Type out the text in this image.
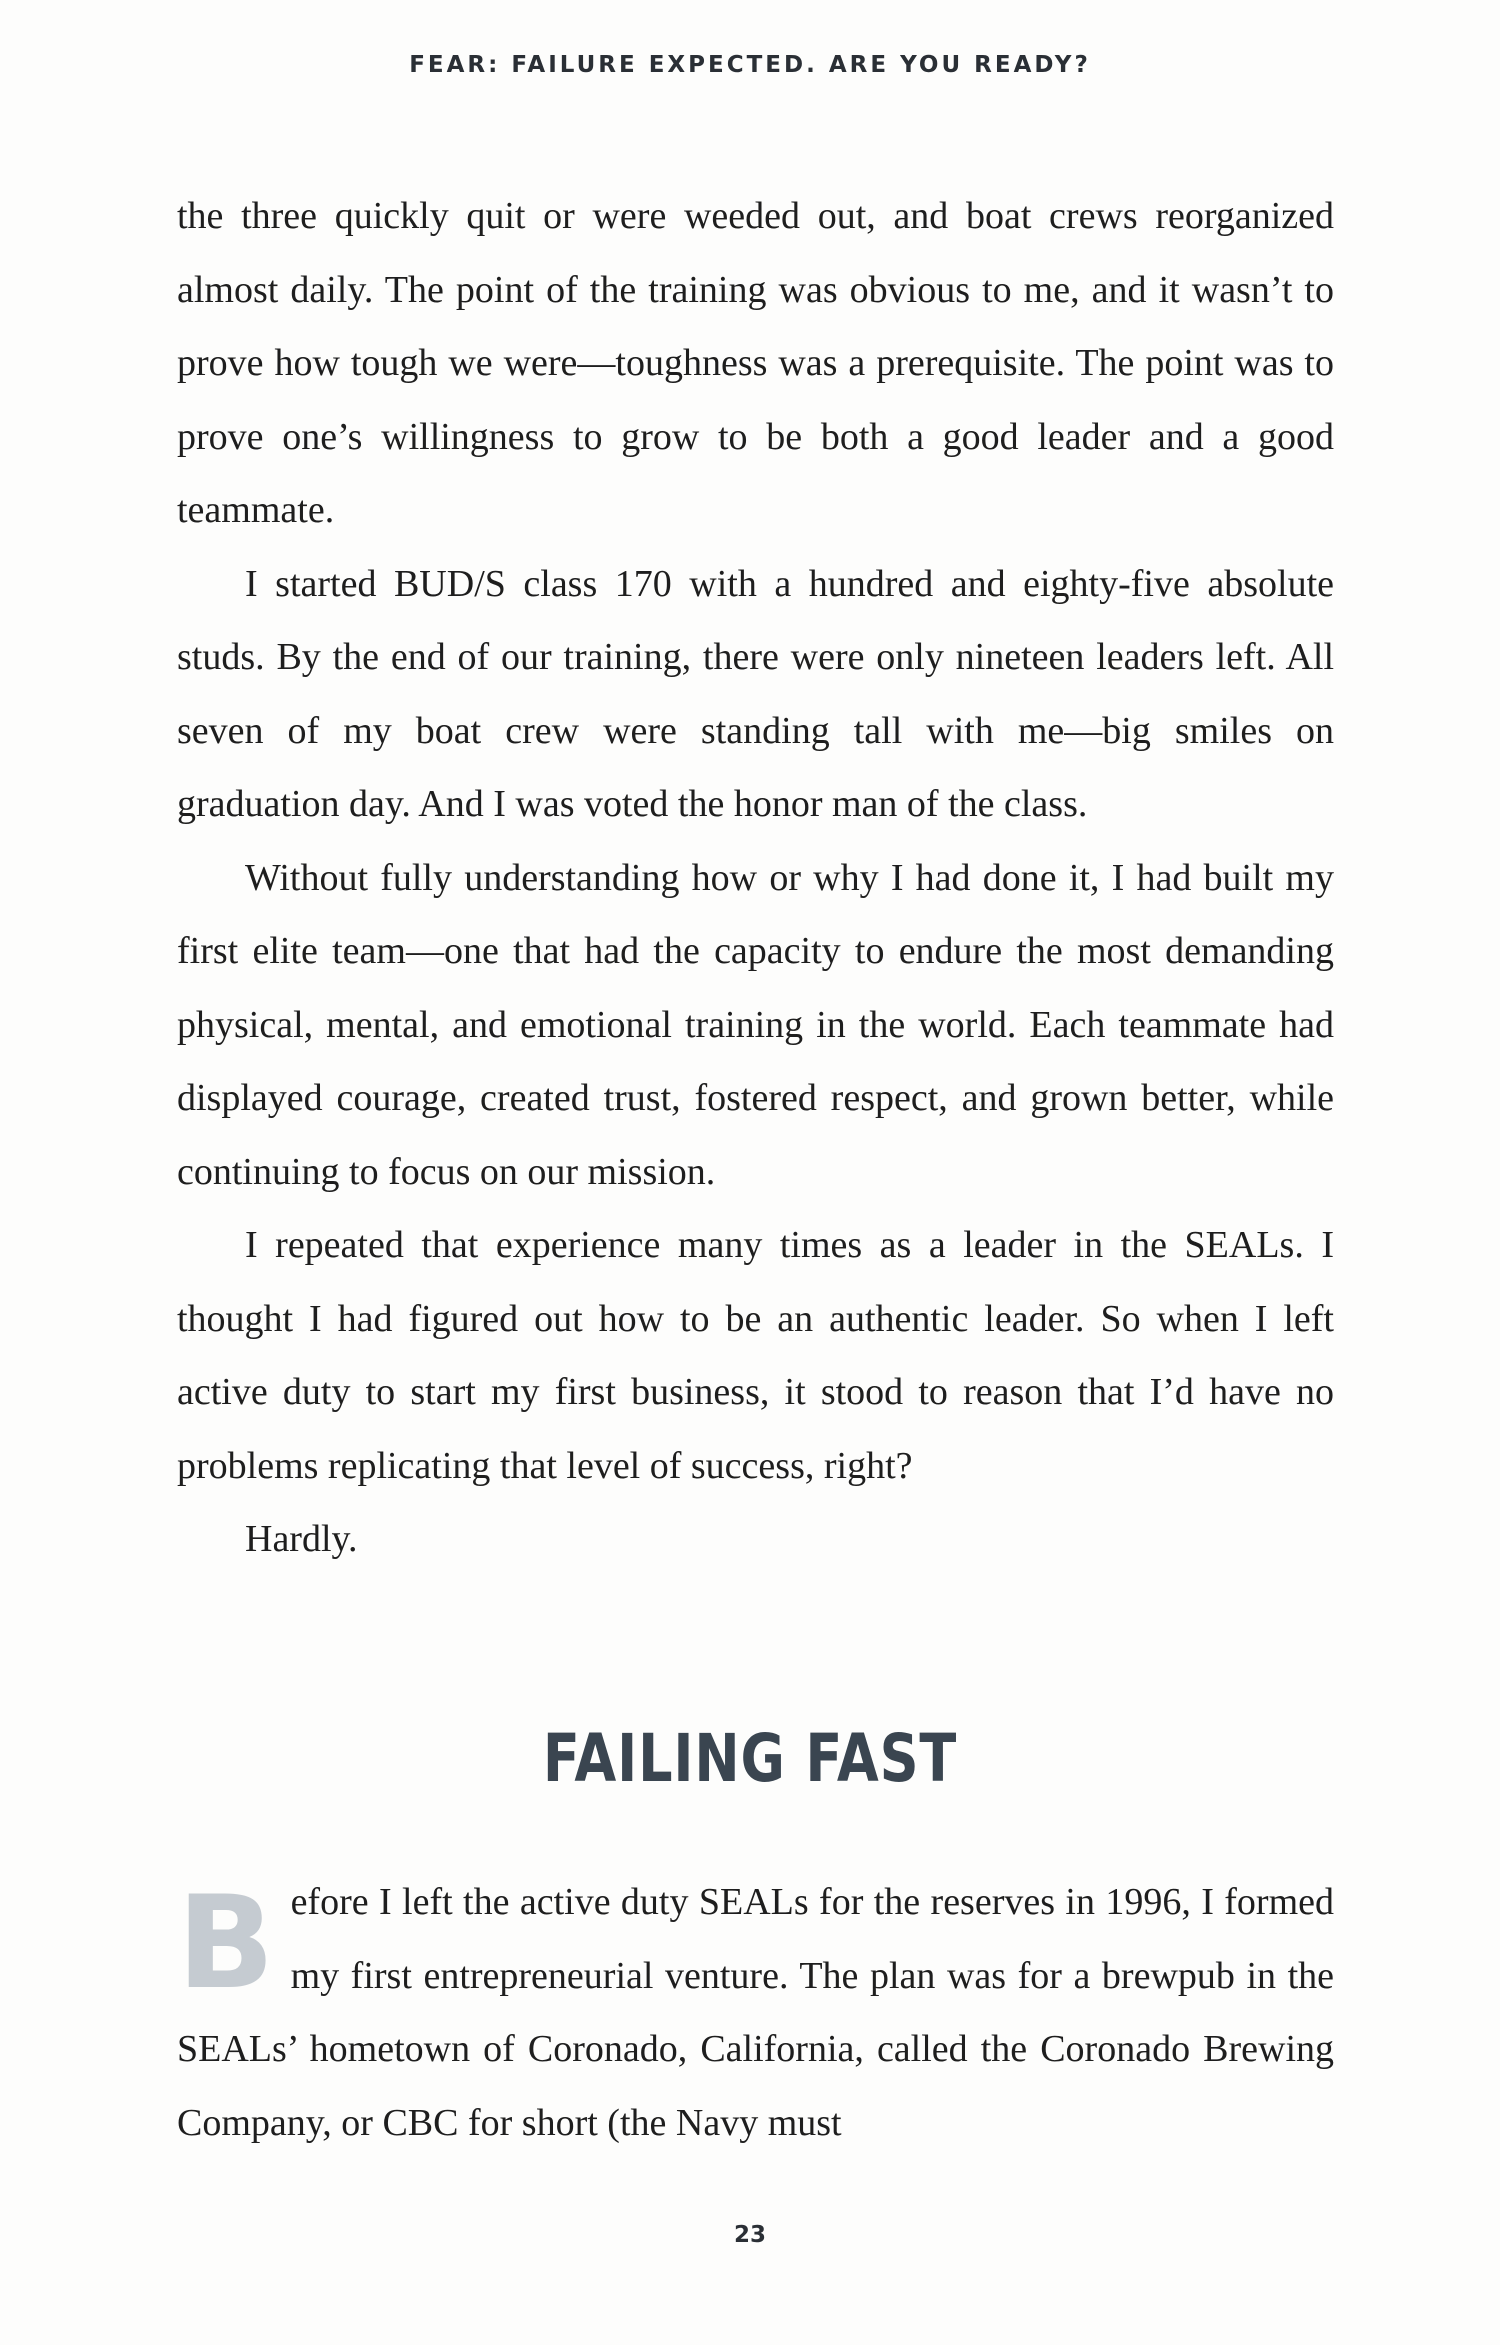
FEAR: FAILURE EXPECTED. ARE YOU READY?

the three quickly quit or were weeded out, and boat crews reorganized almost daily. The point of the training was obvious to me, and it wasn’t to prove how tough we were—toughness was a prerequisite. The point was to prove one’s willingness to grow to be both a good leader and a good teammate.

I started BUD/S class 170 with a hundred and eighty-five absolute studs. By the end of our training, there were only nineteen leaders left. All seven of my boat crew were standing tall with me—big smiles on graduation day. And I was voted the honor man of the class.

Without fully understanding how or why I had done it, I had built my first elite team—one that had the capacity to endure the most demanding physical, mental, and emotional training in the world. Each teammate had displayed courage, created trust, fostered respect, and grown better, while continuing to focus on our mission.

I repeated that experience many times as a leader in the SEALs. I thought I had figured out how to be an authentic leader. So when I left active duty to start my first business, it stood to reason that I’d have no problems replicating that level of success, right?

Hardly.

FAILING FAST

Before I left the active duty SEALs for the reserves in 1996, I formed my first entrepreneurial venture. The plan was for a brewpub in the SEALs’ hometown of Coronado, California, called the Coronado Brewing Company, or CBC for short (the Navy must

23
